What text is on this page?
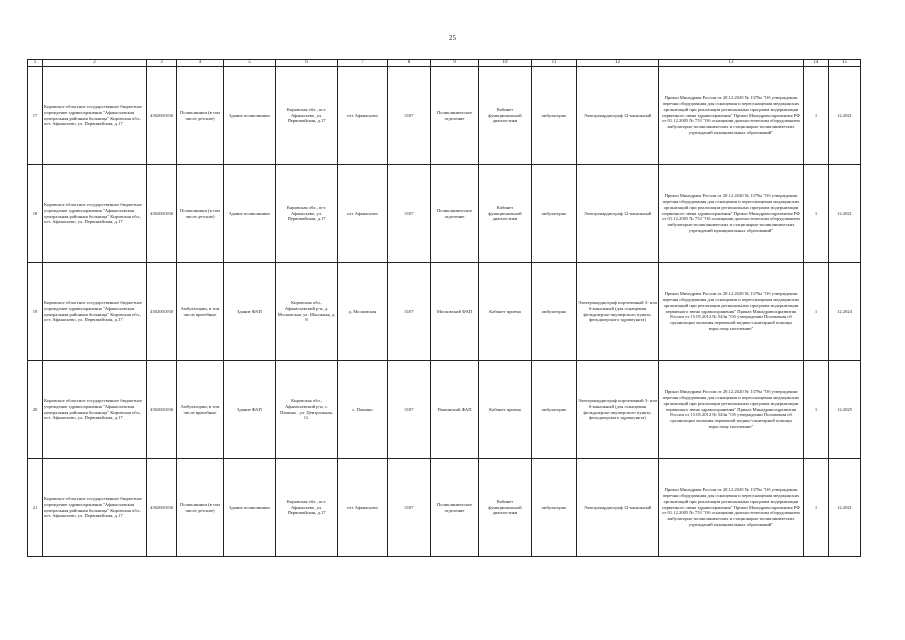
25
1	2	3	4	5	6	7	8	9	10	11	12	13	14	15
17	Кировское областное государственное бюджетное учреждение здравоохранения "Афанасьевская центральная районная больница" Кировская обл., пгт. Афанасьево, ул. Первомайская, д.17	4302001030	Поликлиники (в том числе детские)	Здание поликлиники	Кировская обл., пгт. Афанасьево, ул. Первомайская, д.17	пгт Афанасьево	3107	Поликлиническое отделение	Кабинет функциональной диагностики	амбулаторно	Электрокардиограф 12-канальный	Приказ Минздрава России от 28.12.2020 № 1379н "Об утверждении перечня оборудования для оснащения и переоснащения медицинских организаций при реализации региональных программ модернизации первичного звена здравоохранения" Приказ Минздравсоцразвития РФ от 01.12.2005 № 753 "Об оснащении диагностическим оборудованием амбулаторно-поликлинических и стационарно-поликлинических учреждений муниципальных образований"	1	12.2021
18	Кировское областное государственное бюджетное учреждение здравоохранения "Афанасьевская центральная районная больница" Кировская обл., пгт. Афанасьево, ул. Первомайская, д.17	4302001030	Поликлиники (в том числе детские)	Здание поликлиники	Кировская обл., пгт. Афанасьево, ул. Первомайская, д.17	пгт Афанасьево	3107	Поликлиническое отделение	Кабинет функциональной диагностики	амбулаторно	Электрокардиограф 12-канальный	Приказ Минздрава России от 28.12.2020 № 1379н "Об утверждении перечня оборудования для оснащения и переоснащения медицинских организаций при реализации региональных программ модернизации первичного звена здравоохранения" Приказ Минздравсоцразвития РФ от 01.12.2005 № 753 "Об оснащении диагностическим оборудованием амбулаторно-поликлинических и стационарно-поликлинических учреждений муниципальных образований"	1	12.2021
19	Кировское областное государственное бюджетное учреждение здравоохранения "Афанасьевская центральная районная больница" Кировская обл., пгт. Афанасьево, ул. Первомайская, д.17	4302001030	Амбулатории, в том числе врачебные	Здание ФАП	Кировская обл., Афанасьевский р-н, д. Московская, ул. Школьная, д. 8	д. Московская	3107	Московский ФАП	Кабинет приема	амбулаторно	Электрокардиограф портативный 3- или 6-канальный (для оснащения фельдшерско-акушерского пункта, фельдшерского здравпункта)	Приказ Минздрава России от 28.12.2020 № 1379н "Об утверждении перечня оборудования для оснащения и переоснащения медицинских организаций при реализации региональных программ модернизации первичного звена здравоохранения" Приказ Минздравсоцразвития России от 15.05.2012 № 543н "Об утверждении Положения об организации оказания первичной медико-санитарной помощи взрослому населению"	1	12.2024
20	Кировское областное государственное бюджетное учреждение здравоохранения "Афанасьевская центральная районная больница" Кировская обл., пгт. Афанасьево, ул. Первомайская, д.17	4302001030	Амбулатории, в том числе врачебные	Здание ФАП	Кировская обл., Афанасьевский р-н, с. Пашино , ул. Центральная, 11.	с. Пашино	3107	Пашинский ФАП	Кабинет приема	амбулаторно	Электрокардиограф портативный 3- или 6-канальный (для оснащения фельдшерско-акушерского пункта, фельдшерского здравпункта)	Приказ Минздрава России от 28.12.2020 № 1379н "Об утверждении перечня оборудования для оснащения и переоснащения медицинских организаций при реализации региональных программ модернизации первичного звена здравоохранения" Приказ Минздравсоцразвития России от 15.05.2012 № 543н "Об утверждении Положения об организации оказания первичной медико-санитарной помощи взрослому населению"	1	12.2025
21	Кировское областное государственное бюджетное учреждение здравоохранения "Афанасьевская центральная районная больница" Кировская обл., пгт. Афанасьево, ул. Первомайская, д.17	4302001030	Поликлиники (в том числе детские)	Здание поликлиники	Кировская обл., пгт. Афанасьево, ул. Первомайская, д.17	пгт Афанасьево	3107	Поликлиническое отделение	Кабинет функциональной диагностики	амбулаторно	Электрокардиограф 12-канальный	Приказ Минздрава России от 28.12.2020 № 1379н "Об утверждении перечня оборудования для оснащения и переоснащения медицинских организаций при реализации региональных программ модернизации первичного звена здравоохранения" Приказ Минздравсоцразвития РФ от 01.12.2005 № 753 "Об оснащении диагностическим оборудованием амбулаторно-поликлинических и стационарно-поликлинических учреждений муниципальных образований"	1	12.2021
